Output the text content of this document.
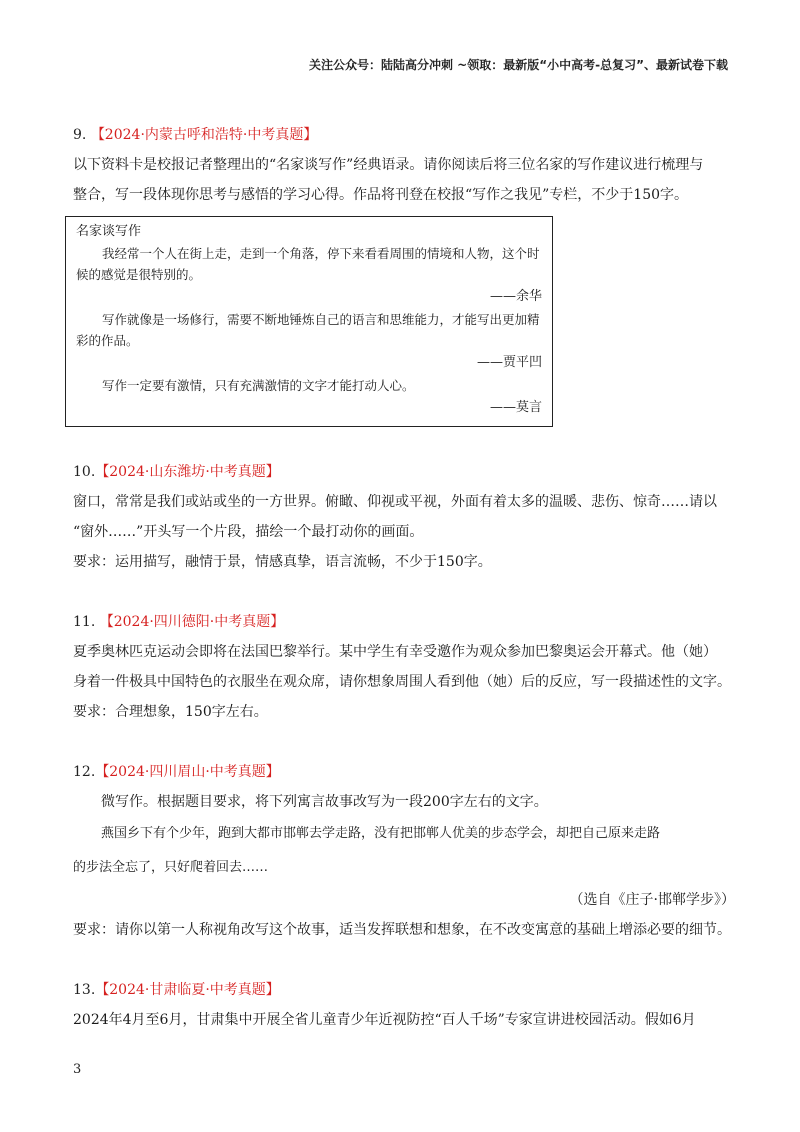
关注公众号：陆陆高分冲刺 ~领取：最新版“小中高考-总复习”、最新试卷下载

9. 【2024·内蒙古呼和浩特·中考真题】

以下资料卡是校报记者整理出的“名家谈写作”经典语录。请你阅读后将三位名家的写作建议进行梳理与

整合，写一段体现你思考与感悟的学习心得。作品将刊登在校报“写作之我见”专栏，不少于150字。

名家谈写作
我经常一个人在街上走，走到一个角落，停下来看看周围的情境和人物，这个时候的感觉是很特别的。
——余华
写作就像是一场修行，需要不断地锤炼自己的语言和思维能力，才能写出更加精彩的作品。
——贾平凹
写作一定要有激情，只有充满激情的文字才能打动人心。
——莫言

10.【2024·山东潍坊·中考真题】

窗口，常常是我们或站或坐的一方世界。俯瞰、仰视或平视，外面有着太多的温暖、悲伤、惊奇……请以

“窗外……”开头写一个片段，描绘一个最打动你的画面。

要求：运用描写，融情于景，情感真挚，语言流畅，不少于150字。

11. 【2024·四川德阳·中考真题】

夏季奥林匹克运动会即将在法国巴黎举行。某中学生有幸受邀作为观众参加巴黎奥运会开幕式。他（她）

身着一件极具中国特色的衣服坐在观众席，请你想象周围人看到他（她）后的反应，写一段描述性的文字。

要求：合理想象，150字左右。

12.【2024·四川眉山·中考真题】

微写作。根据题目要求，将下列寓言故事改写为一段200字左右的文字。

燕国乡下有个少年，跑到大都市邯郸去学走路，没有把邯郸人优美的步态学会，却把自己原来走路

的步法全忘了，只好爬着回去……

（选自《庄子·邯郸学步》）

要求：请你以第一人称视角改写这个故事，适当发挥联想和想象，在不改变寓意的基础上增添必要的细节。

13.【2024·甘肃临夏·中考真题】

2024年4月至6月，甘肃集中开展全省儿童青少年近视防控“百人千场”专家宣讲进校园活动。假如6月

3
